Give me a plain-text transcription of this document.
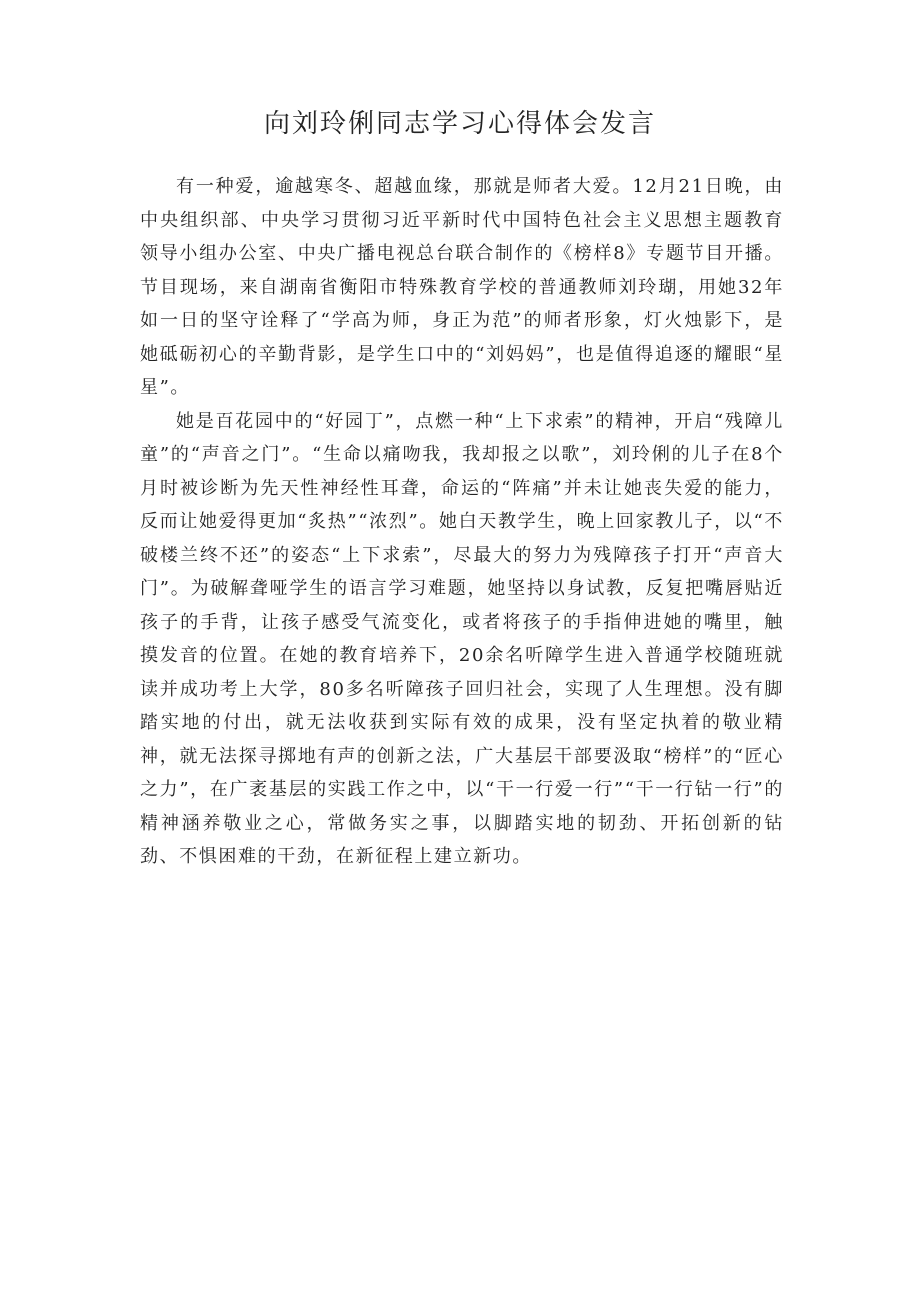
向刘玲俐同志学习心得体会发言

有一种爱，逾越寒冬、超越血缘，那就是师者大爱。12月21日晚，由中央组织部、中央学习贯彻习近平新时代中国特色社会主义思想主题教育领导小组办公室、中央广播电视总台联合制作的《榜样8》专题节目开播。节目现场，来自湖南省衡阳市特殊教育学校的普通教师刘玲瑚，用她32年如一日的坚守诠释了“学高为师，身正为范”的师者形象，灯火烛影下，是她砥砺初心的辛勤背影，是学生口中的“刘妈妈”，也是值得追逐的耀眼“星星”。

她是百花园中的“好园丁”，点燃一种“上下求索”的精神，开启“残障儿童”的“声音之门”。“生命以痛吻我，我却报之以歌”，刘玲俐的儿子在8个月时被诊断为先天性神经性耳聋，命运的“阵痛”并未让她丧失爱的能力，反而让她爱得更加“炙热”“浓烈”。她白天教学生，晚上回家教儿子，以“不破楼兰终不还”的姿态“上下求索”，尽最大的努力为残障孩子打开“声音大门”。为破解聋哑学生的语言学习难题，她坚持以身试教，反复把嘴唇贴近孩子的手背，让孩子感受气流变化，或者将孩子的手指伸进她的嘴里，触摸发音的位置。在她的教育培养下，20余名听障学生进入普通学校随班就读并成功考上大学，80多名听障孩子回归社会，实现了人生理想。没有脚踏实地的付出，就无法收获到实际有效的成果，没有坚定执着的敬业精神，就无法探寻掷地有声的创新之法，广大基层干部要汲取“榜样”的“匠心之力”，在广袤基层的实践工作之中，以“干一行爱一行”“干一行钻一行”的精神涵养敬业之心，常做务实之事，以脚踏实地的韧劲、开拓创新的钻劲、不惧困难的干劲，在新征程上建立新功。
